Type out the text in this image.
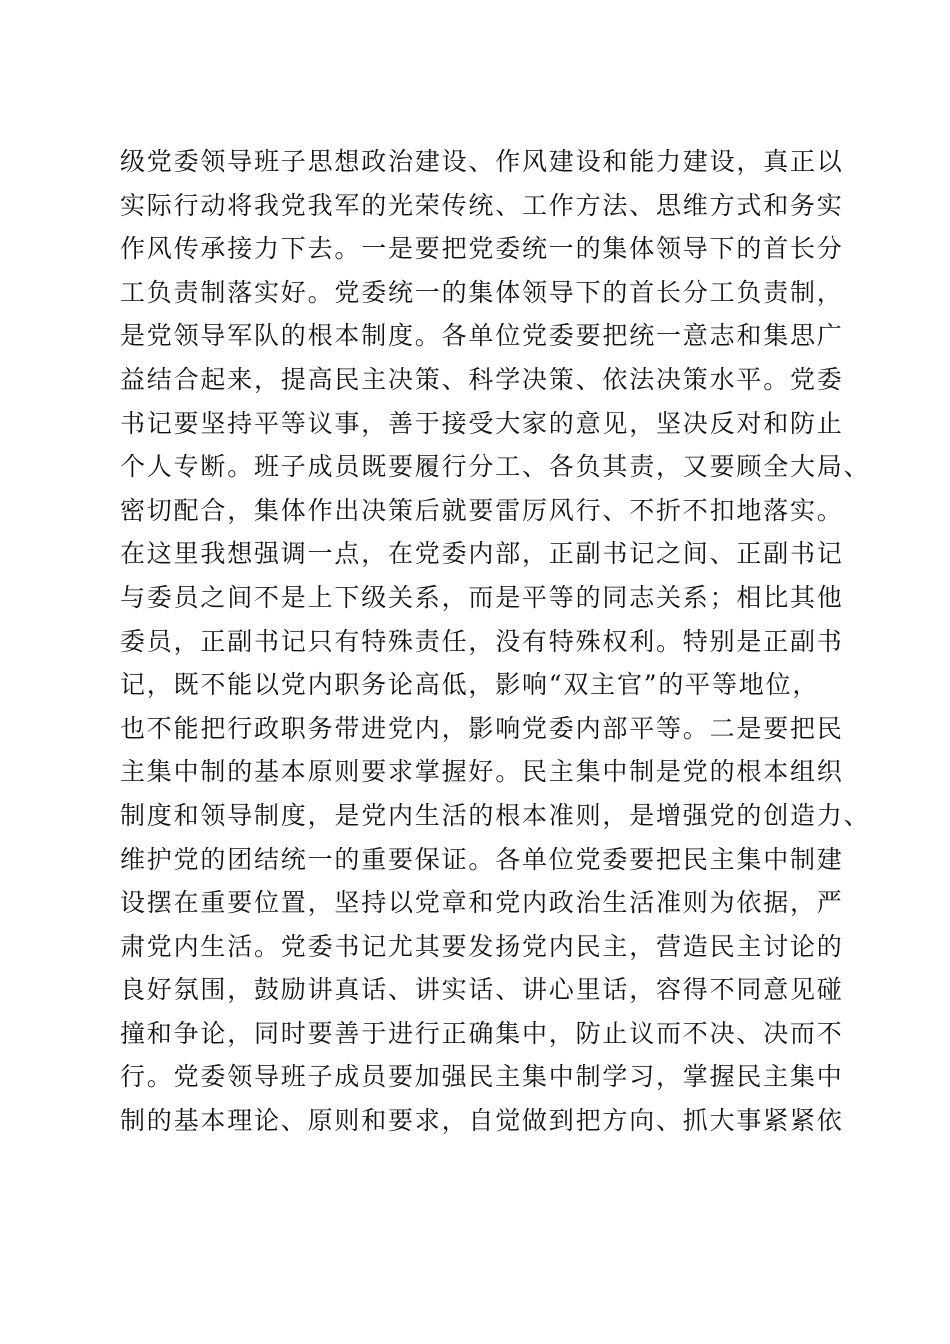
级党委领导班子思想政治建设、作风建设和能力建设，真正以
实际行动将我党我军的光荣传统、工作方法、思维方式和务实
作风传承接力下去。一是要把党委统一的集体领导下的首长分
工负责制落实好。党委统一的集体领导下的首长分工负责制，
是党领导军队的根本制度。各单位党委要把统一意志和集思广
益结合起来，提高民主决策、科学决策、依法决策水平。党委
书记要坚持平等议事，善于接受大家的意见，坚决反对和防止
个人专断。班子成员既要履行分工、各负其责，又要顾全大局、
密切配合，集体作出决策后就要雷厉风行、不折不扣地落实。
在这里我想强调一点，在党委内部，正副书记之间、正副书记
与委员之间不是上下级关系，而是平等的同志关系；相比其他
委员，正副书记只有特殊责任，没有特殊权利。特别是正副书
记，既不能以党内职务论高低，影响“双主官”的平等地位，
也不能把行政职务带进党内，影响党委内部平等。二是要把民
主集中制的基本原则要求掌握好。民主集中制是党的根本组织
制度和领导制度，是党内生活的根本准则，是增强党的创造力、
维护党的团结统一的重要保证。各单位党委要把民主集中制建
设摆在重要位置，坚持以党章和党内政治生活准则为依据，严
肃党内生活。党委书记尤其要发扬党内民主，营造民主讨论的
良好氛围，鼓励讲真话、讲实话、讲心里话，容得不同意见碰
撞和争论，同时要善于进行正确集中，防止议而不决、决而不
行。党委领导班子成员要加强民主集中制学习，掌握民主集中
制的基本理论、原则和要求，自觉做到把方向、抓大事紧紧依
